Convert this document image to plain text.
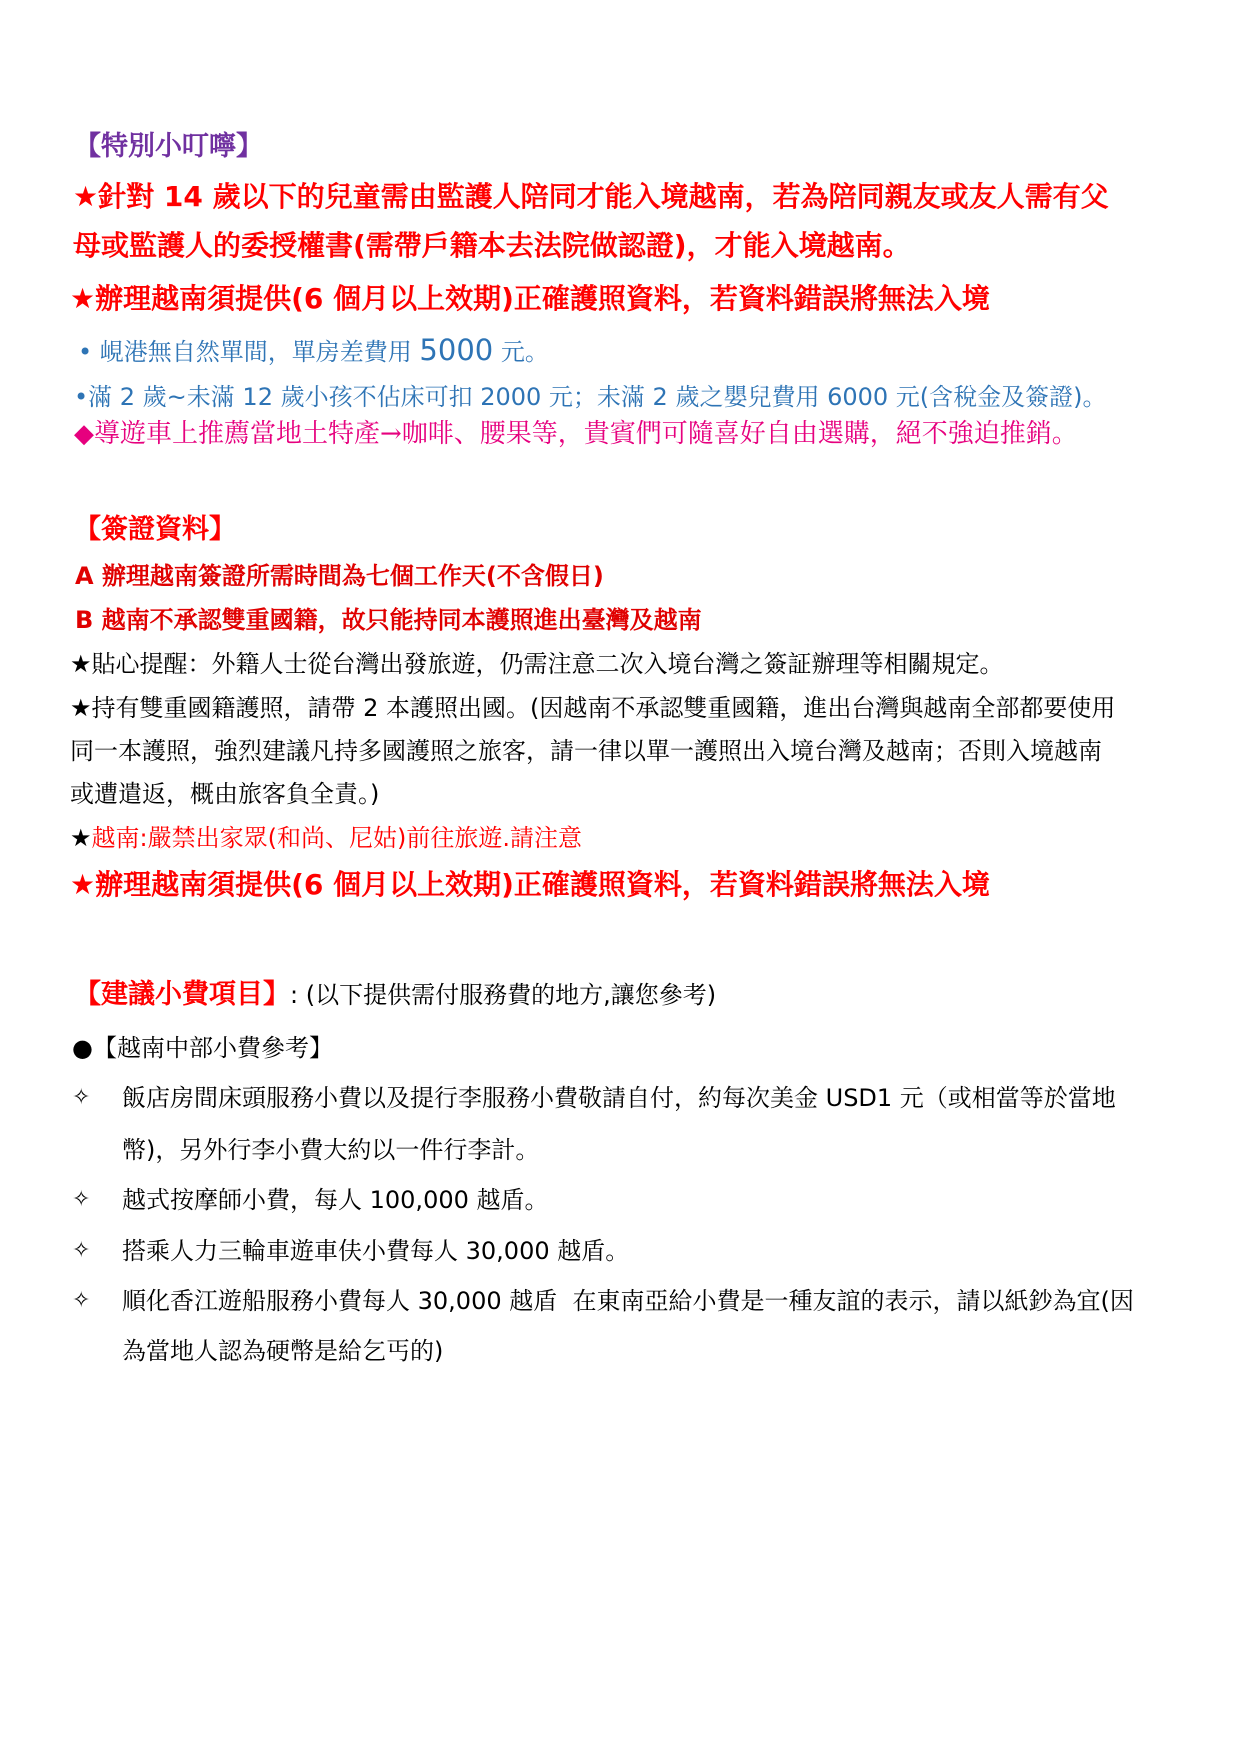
【特別小叮嚀】
★針對 14 歲以下的兒童需由監護人陪同才能入境越南，若為陪同親友或友人需有父
母或監護人的委授權書(需帶戶籍本去法院做認證)，才能入境越南。
★辦理越南須提供(6 個月以上效期)正確護照資料，若資料錯誤將無法入境
• 峴港無自然單間，單房差費用 5000 元。
•滿 2 歲~未滿 12 歲小孩不佔床可扣 2000 元；未滿 2 歲之嬰兒費用 6000 元(含稅金及簽證)。
◆導遊車上推薦當地土特產→咖啡、腰果等，貴賓們可隨喜好自由選購，絕不強迫推銷。
【簽證資料】
A 辦理越南簽證所需時間為七個工作天(不含假日)
B 越南不承認雙重國籍，故只能持同本護照進出臺灣及越南
★貼心提醒：外籍人士從台灣出發旅遊，仍需注意二次入境台灣之簽証辦理等相關規定。
★持有雙重國籍護照，請帶 2 本護照出國。(因越南不承認雙重國籍，進出台灣與越南全部都要使用
同一本護照，強烈建議凡持多國護照之旅客，請一律以單一護照出入境台灣及越南；否則入境越南
或遭遣返，概由旅客負全責。)
★越南:嚴禁出家眾(和尚、尼姑)前往旅遊.請注意
★辦理越南須提供(6 個月以上效期)正確護照資料，若資料錯誤將無法入境
【建議小費項目】: (以下提供需付服務費的地方,讓您參考)
●【越南中部小費參考】
✧	飯店房間床頭服務小費以及提行李服務小費敬請自付，約每次美金 USD1 元（或相當等於當地
幣)，另外行李小費大約以一件行李計。
✧	越式按摩師小費，每人 100,000 越盾。
✧	搭乘人力三輪車遊車伕小費每人 30,000 越盾。
✧	順化香江遊船服務小費每人 30,000 越盾  在東南亞給小費是一種友誼的表示，請以紙鈔為宜(因
為當地人認為硬幣是給乞丐的)
